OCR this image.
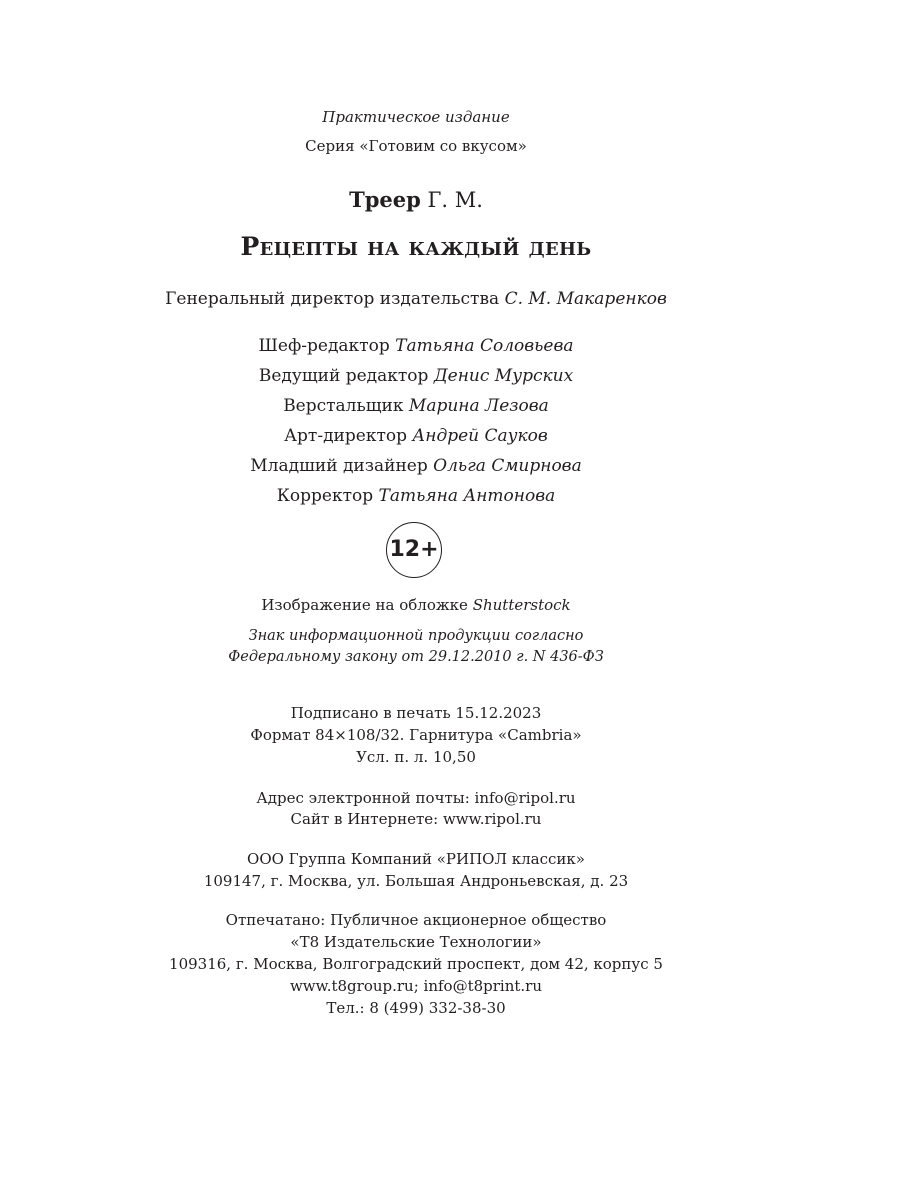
Практическое издание
Серия «Готовим со вкусом»
Треер Г. М.
Рецепты на каждый день
Генеральный директор издательства С. М. Макаренков
Шеф-редактор Татьяна Соловьева
Ведущий редактор Денис Мурских
Верстальщик Марина Лезова
Арт-директор Андрей Сауков
Младший дизайнер Ольга Смирнова
Корректор Татьяна Антонова
12+
Изображение на обложке Shutterstock
Знак информационной продукции согласно
Федеральному закону от 29.12.2010 г. N 436-ФЗ
Подписано в печать 15.12.2023
Формат 84×108/32. Гарнитура «Cambria»
Усл. п. л. 10,50
Адрес электронной почты: info@ripol.ru
Сайт в Интернете: www.ripol.ru
ООО Группа Компаний «РИПОЛ классик»
109147, г. Москва, ул. Большая Андроньевская, д. 23
Отпечатано: Публичное акционерное общество
«Т8 Издательские Технологии»
109316, г. Москва, Волгоградский проспект, дом 42, корпус 5
www.t8group.ru; info@t8print.ru
Тел.: 8 (499) 332-38-30
